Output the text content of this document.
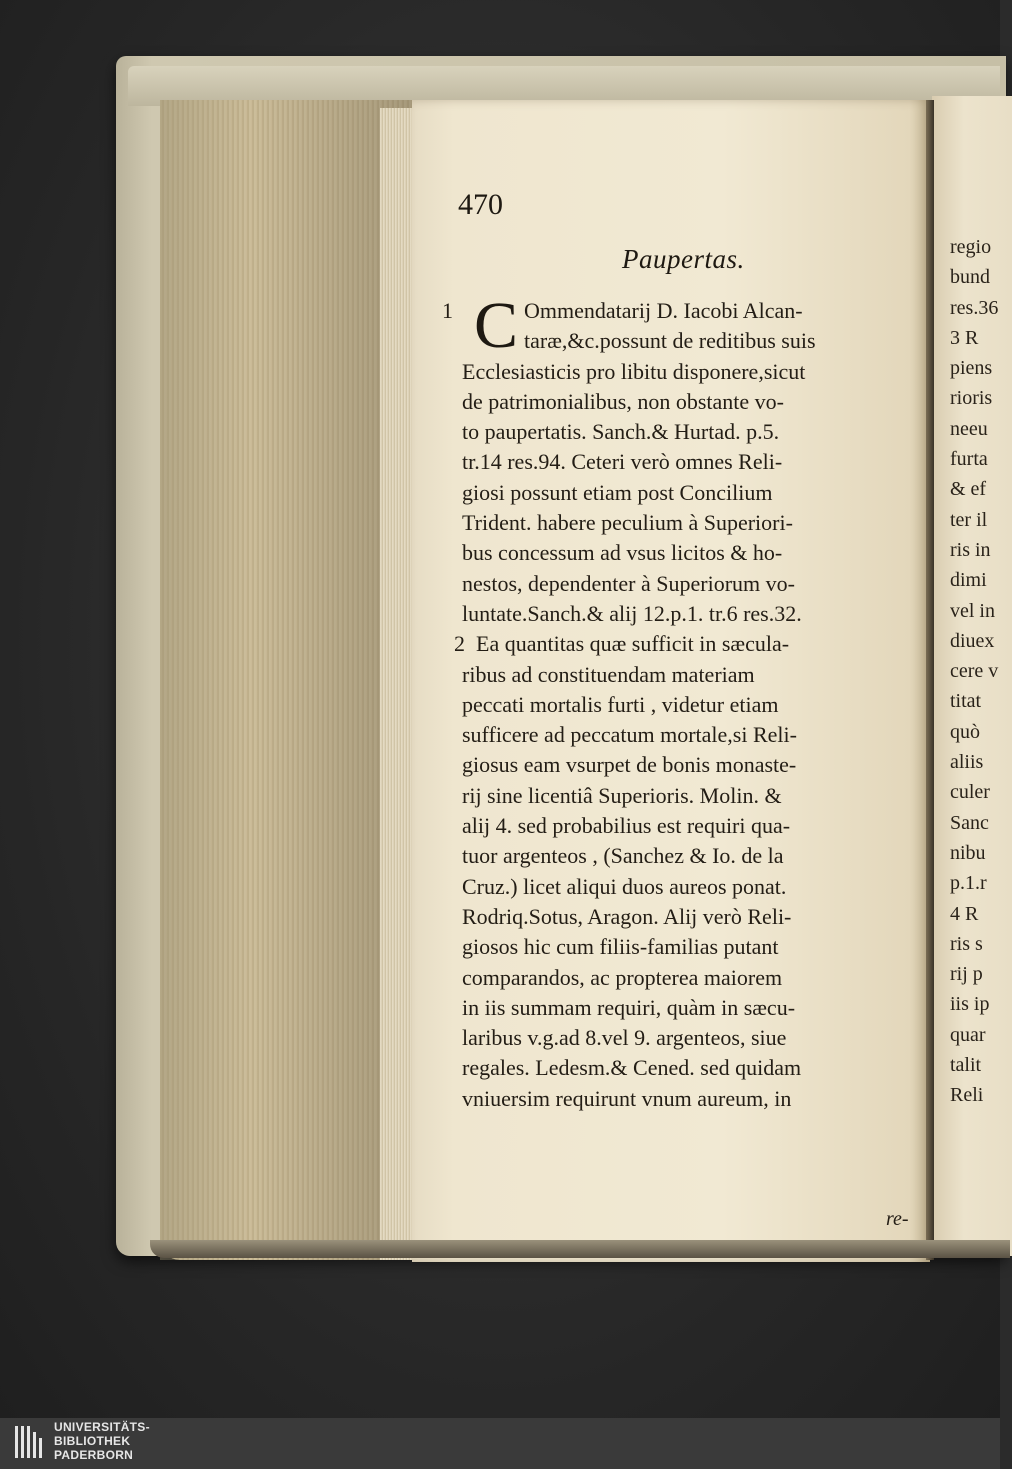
470
Paupertas.
1 C Ommendatarij D. Iacobi Alcan-
taræ,&c.possunt de reditibus suis
Ecclesiasticis pro libitu disponere,sicut
de patrimonialibus, non obstante vo-
to paupertatis. Sanch.& Hurtad. p.5.
tr.14 res.94. Ceteri verò omnes Reli-
giosi possunt etiam post Concilium
Trident. habere peculium à Superiori-
bus concessum ad vsus licitos & ho-
nestos, dependenter à Superiorum vo-
luntate.Sanch.& alij 12.p.1. tr.6 res.32.
2 Ea quantitas quæ sufficit in sæcula-
ribus ad constituendam materiam
peccati mortalis furti , videtur etiam
sufficere ad peccatum mortale,si Reli-
giosus eam vsurpet de bonis monaste-
rij sine licentiâ Superioris. Molin. &
alij 4. sed probabilius est requiri qua-
tuor argenteos , (Sanchez & Io. de la
Cruz.) licet aliqui duos aureos ponat.
Rodriq.Sotus, Aragon. Alij verò Reli-
giosos hic cum filiis-familias putant
comparandos, ac propterea maiorem
in iis summam requiri, quàm in sæcu-
laribus v.g.ad 8.vel 9. argenteos, siue
regales. Ledesm.& Cened. sed quidam
vniuersim requirunt vnum aureum, in
re-
regio
bund
res.36
3 R
piens
rioris
neeu
furta
& ef
ter il
ris in
dimi
vel in
diuex
cere v
titat
quò
aliis
culer
Sanc
nibu
p.1.r
4 R
ris s
rij p
iis ip
quar
talit
Reli
UNIVERSITÄTS-
BIBLIOTHEK
PADERBORN
